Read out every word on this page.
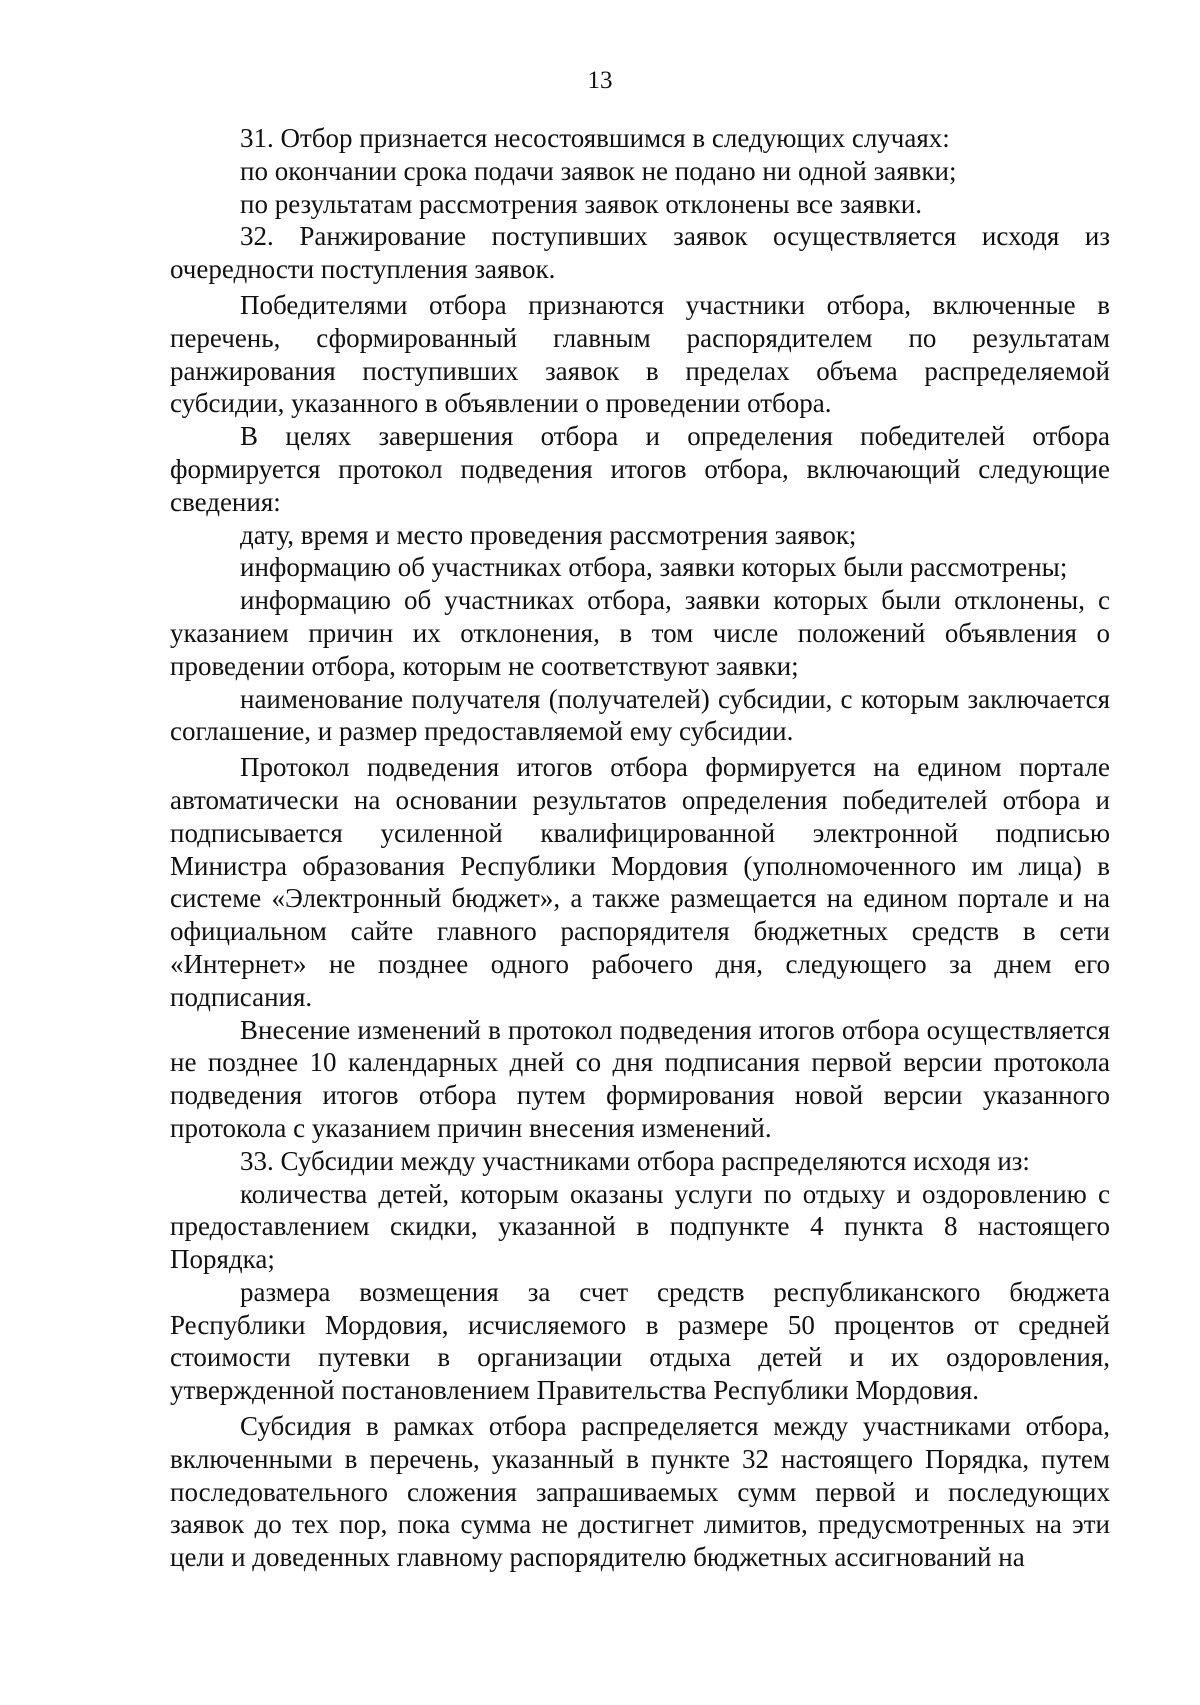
13

31. Отбор признается несостоявшимся в следующих случаях:

по окончании срока подачи заявок не подано ни одной заявки;

по результатам рассмотрения заявок отклонены все заявки.

32. Ранжирование поступивших заявок осуществляется исходя из очередности поступления заявок.

Победителями отбора признаются участники отбора, включенные в перечень, сформированный главным распорядителем по результатам ранжирования поступивших заявок в пределах объема распределяемой субсидии, указанного в объявлении о проведении отбора.

В целях завершения отбора и определения победителей отбора формируется протокол подведения итогов отбора, включающий следующие сведения:

дату, время и место проведения рассмотрения заявок;

информацию об участниках отбора, заявки которых были рассмотрены;

информацию об участниках отбора, заявки которых были отклонены, с указанием причин их отклонения, в том числе положений объявления о проведении отбора, которым не соответствуют заявки;

наименование получателя (получателей) субсидии, с которым заключается соглашение, и размер предоставляемой ему субсидии.

Протокол подведения итогов отбора формируется на едином портале автоматически на основании результатов определения победителей отбора и подписывается усиленной квалифицированной электронной подписью Министра образования Республики Мордовия (уполномоченного им лица) в системе «Электронный бюджет», а также размещается на едином портале и на официальном сайте главного распорядителя бюджетных средств в сети «Интернет» не позднее одного рабочего дня, следующего за днем его подписания.

Внесение изменений в протокол подведения итогов отбора осуществляется не позднее 10 календарных дней со дня подписания первой версии протокола подведения итогов отбора путем формирования новой версии указанного протокола с указанием причин внесения изменений.

33. Субсидии между участниками отбора распределяются исходя из:

количества детей, которым оказаны услуги по отдыху и оздоровлению с предоставлением скидки, указанной в подпункте 4 пункта 8 настоящего Порядка;

размера возмещения за счет средств республиканского бюджета Республики Мордовия, исчисляемого в размере 50 процентов от средней стоимости путевки в организации отдыха детей и их оздоровления, утвержденной постановлением Правительства Республики Мордовия.

Субсидия в рамках отбора распределяется между участниками отбора, включенными в перечень, указанный в пункте 32 настоящего Порядка, путем последовательного сложения запрашиваемых сумм первой и последующих заявок до тех пор, пока сумма не достигнет лимитов, предусмотренных на эти цели и доведенных главному распорядителю бюджетных ассигнований на
